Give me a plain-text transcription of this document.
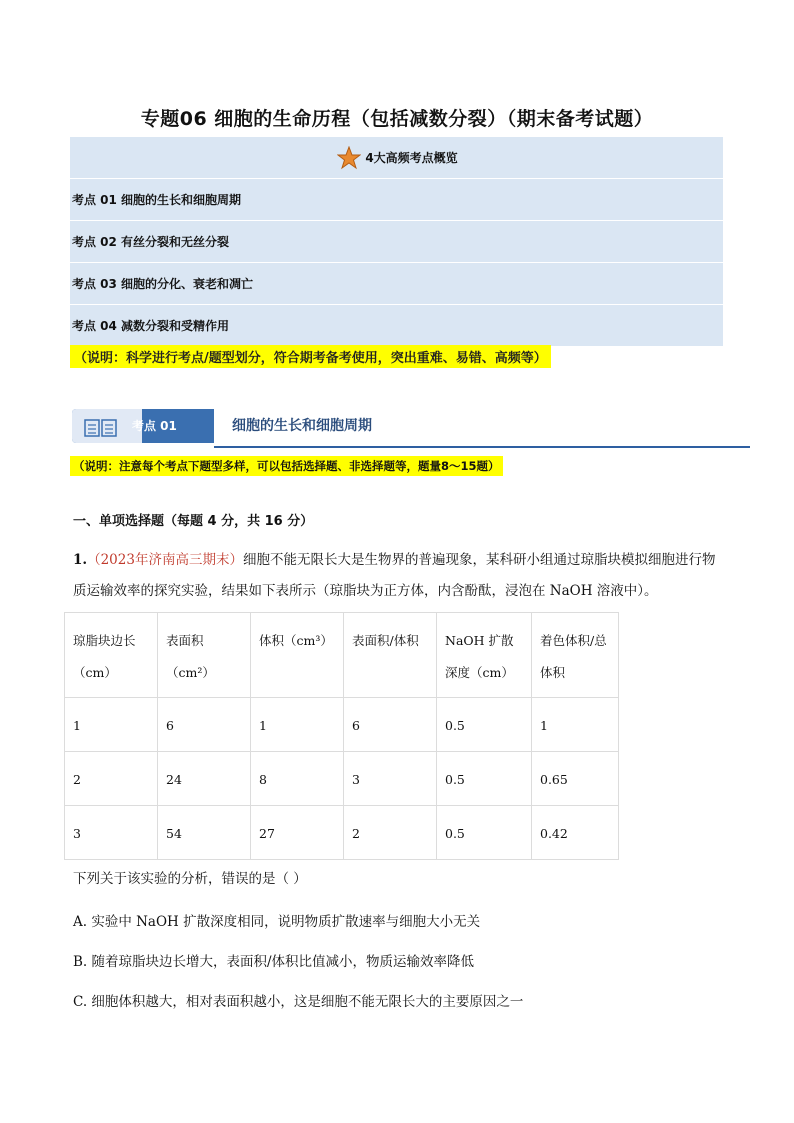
专题06 细胞的生命历程（包括减数分裂）（期末备考试题）
4大高频考点概览
考点 01 细胞的生长和细胞周期
考点 02 有丝分裂和无丝分裂
考点 03 细胞的分化、衰老和凋亡
考点 04 减数分裂和受精作用
（说明：科学进行考点/题型划分，符合期考备考使用，突出重难、易错、高频等）
考点 01	细胞的生长和细胞周期
（说明：注意每个考点下题型多样，可以包括选择题、非选择题等，题量8～15题）
一、单项选择题（每题 4 分，共 16 分）
1.（2023年济南高三期末）细胞不能无限长大是生物界的普遍现象，某科研小组通过琼脂块模拟细胞进行物质运输效率的探究实验，结果如下表所示（琼脂块为正方体，内含酚酞，浸泡在 NaOH 溶液中）。
琼脂块边长（cm）	表面积（cm²）	体积（cm³）	表面积/体积	NaOH 扩散深度（cm）	着色体积/总体积
1	6	1	6	0.5	1
2	24	8	3	0.5	0.65
3	54	27	2	0.5	0.42
下列关于该实验的分析，错误的是（ ）
A. 实验中 NaOH 扩散深度相同，说明物质扩散速率与细胞大小无关
B. 随着琼脂块边长增大，表面积/体积比值减小，物质运输效率降低
C. 细胞体积越大，相对表面积越小，这是细胞不能无限长大的主要原因之一
